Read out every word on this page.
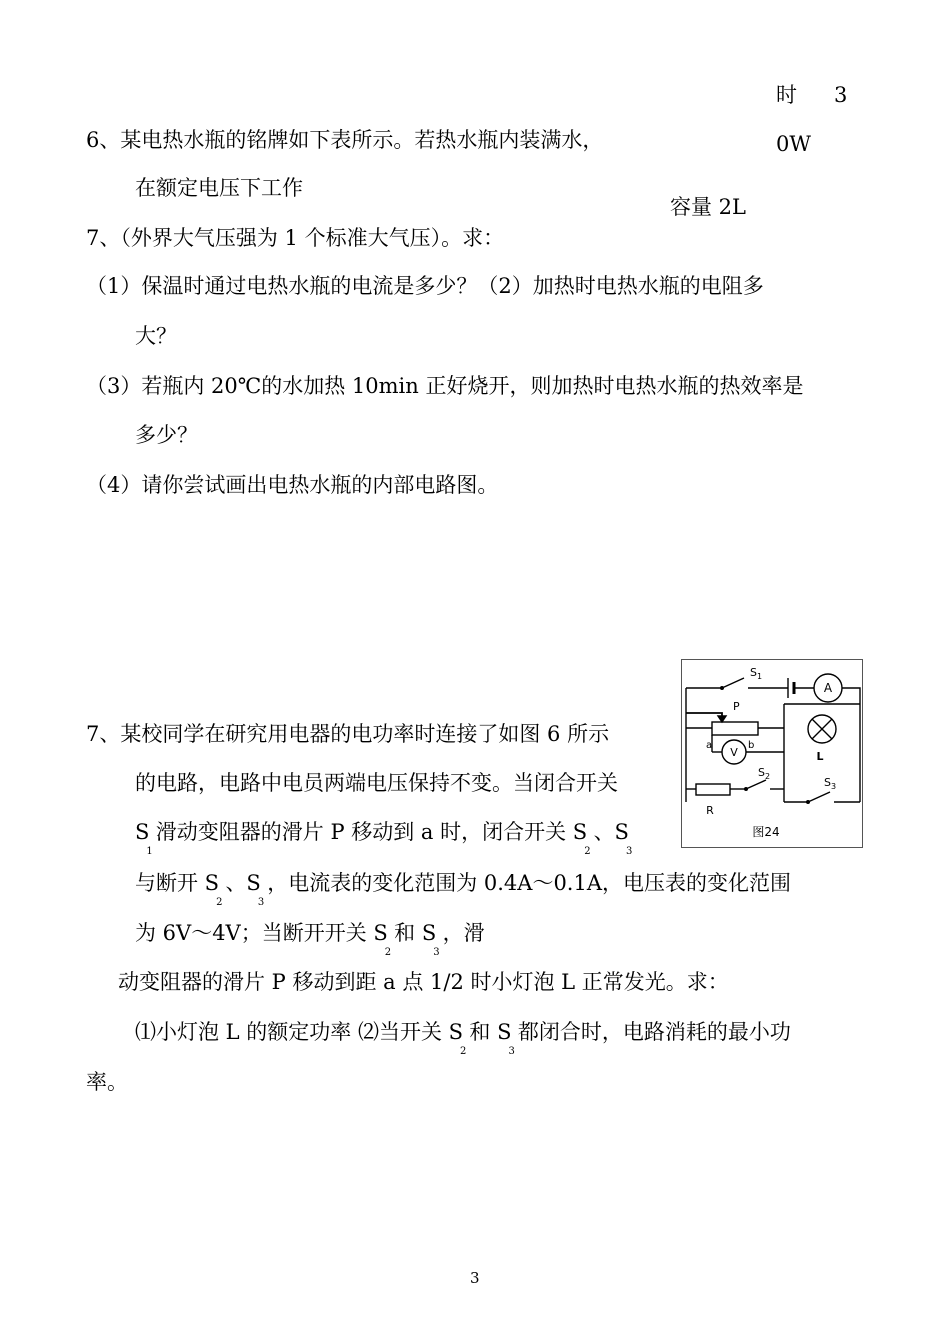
时 3
0W
容量 2L
6、某电热水瓶的铭牌如下表所示。若热水瓶内装满水，
在额定电压下工作
7、（外界大气压强为 1 个标准大气压）。求：
（1）保温时通过电热水瓶的电流是多少？（2）加热时电热水瓶的电阻多
大？
（3）若瓶内 20℃的水加热 10min 正好烧开，则加热时电热水瓶的热效率是
多少？
（4）请你尝试画出电热水瓶的内部电路图。
7、某校同学在研究用电器的电功率时连接了如图 6 所示
的电路，电路中电员两端电压保持不变。当闭合开关
S1滑动变阻器的滑片 P 移动到 a 时，闭合开关 S2、S3
与断开 S2、S3，电流表的变化范围为 0.4A～0.1A，电压表的变化范围
为 6V～4V；当断开开关 S2和 S3，滑
动变阻器的滑片 P 移动到距 a 点 1/2 时小灯泡 L 正常发光。求：
⑴小灯泡 L 的额定功率 ⑵当开关 S2和 S3都闭合时，电路消耗的最小功
率。
$S_1$
A
P
a	b
V	L
$S_2$	$S_3$
R
图24
3
